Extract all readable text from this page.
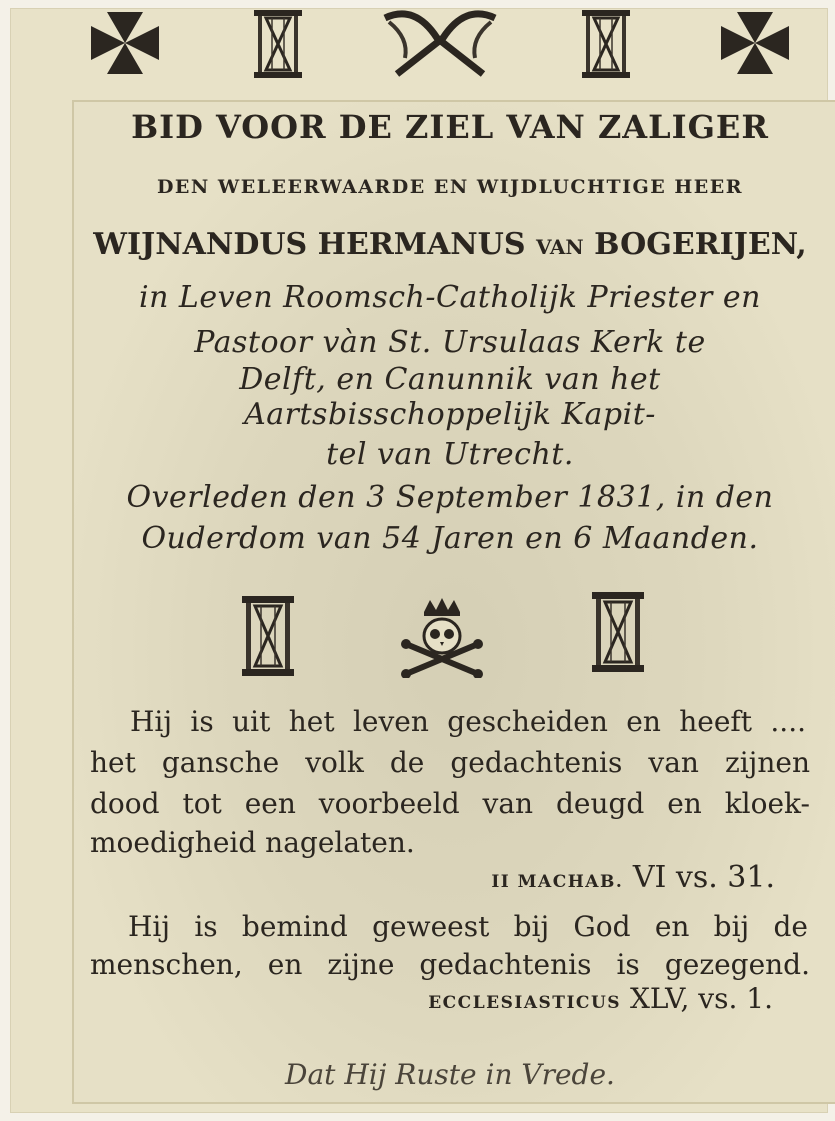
BID VOOR DE ZIEL VAN ZALIGER
DEN WELEERWAARDE EN WIJDLUCHTIGE HEER
WIJNANDUS HERMANUS VAN BOGERIJEN,
in Leven Roomsch-Catholijk Priester en
Pastoor vàn St. Ursulaas Kerk te
Delft, en Canunnik van het
Aartsbisschoppelijk Kapit-
tel van Utrecht.
Overleden den 3 September 1831, in den
Ouderdom van 54 Jaren en 6 Maanden.
Hij is uit het leven gescheiden en heeft ....
het gansche volk de gedachtenis van zijnen
dood tot een voorbeeld van deugd en kloek-
moedigheid nagelaten.
II MACHAB. VI vs. 31.
Hij is bemind geweest bij God en bij de
menschen, en zijne gedachtenis is gezegend.
ECCLESIASTICUS XLV, vs. 1.
Dat Hij Ruste in Vrede.
